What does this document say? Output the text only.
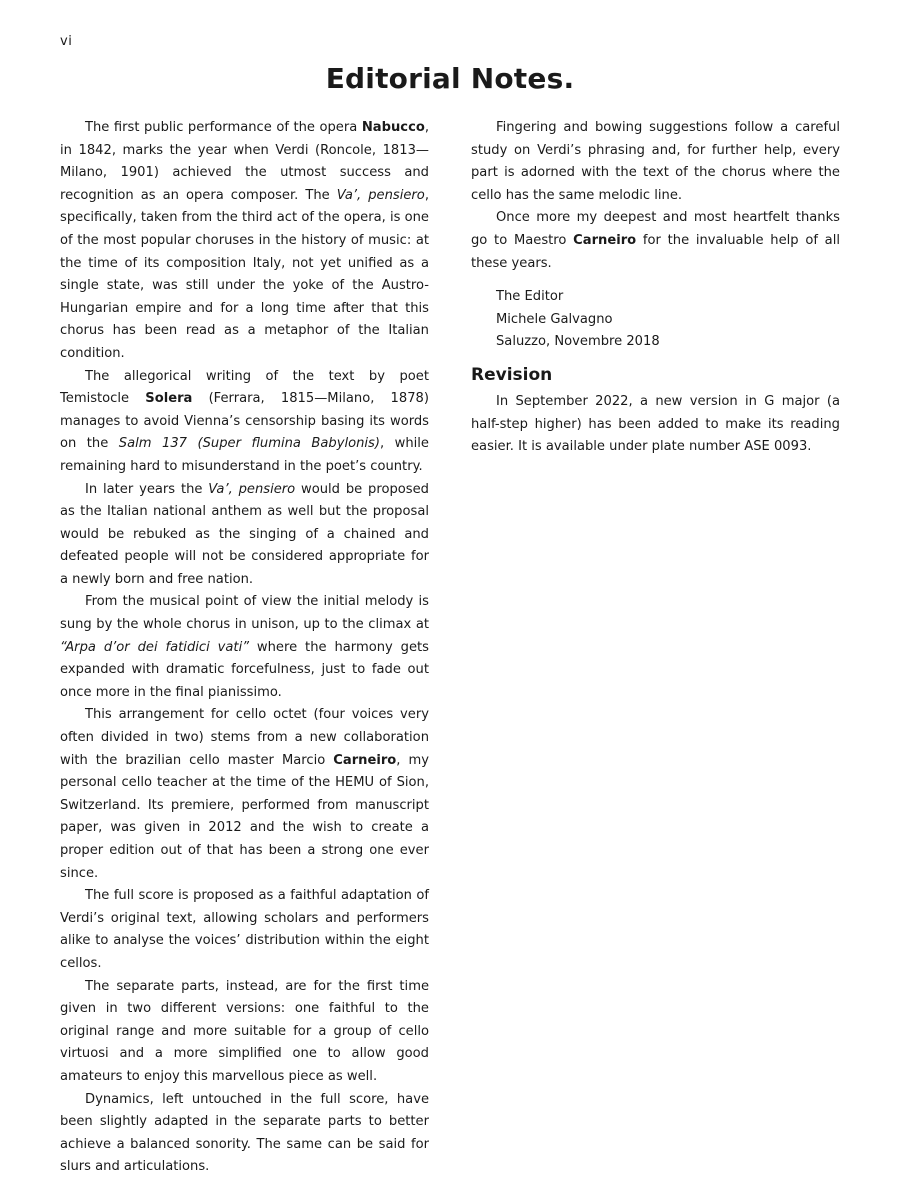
vi
Editorial Notes.

The first public performance of the opera Nabucco, in 1842, marks the year when Verdi (Roncole, 1813—Milano, 1901) achieved the utmost success and recognition as an opera composer. The Va’, pensiero, specifically, taken from the third act of the opera, is one of the most popular choruses in the history of music: at the time of its composition Italy, not yet unified as a single state, was still under the yoke of the Austro-Hungarian empire and for a long time after that this chorus has been read as a metaphor of the Italian condition.

The allegorical writing of the text by poet Temistocle Solera (Ferrara, 1815—Milano, 1878) manages to avoid Vienna’s censorship basing its words on the Salm 137 (Super flumina Babylonis), while remaining hard to misunderstand in the poet’s country.

In later years the Va’, pensiero would be proposed as the Italian national anthem as well but the proposal would be rebuked as the singing of a chained and defeated people will not be considered appropriate for a newly born and free nation.

From the musical point of view the initial melody is sung by the whole chorus in unison, up to the climax at “Arpa d’or dei fatidici vati” where the harmony gets expanded with dramatic forcefulness, just to fade out once more in the final pianissimo.

This arrangement for cello octet (four voices very often divided in two) stems from a new collaboration with the brazilian cello master Marcio Carneiro, my personal cello teacher at the time of the HEMU of Sion, Switzerland. Its premiere, performed from manuscript paper, was given in 2012 and the wish to create a proper edition out of that has been a strong one ever since.

The full score is proposed as a faithful adaptation of Verdi’s original text, allowing scholars and performers alike to analyse the voices’ distribution within the eight cellos.

The separate parts, instead, are for the first time given in two different versions: one faithful to the original range and more suitable for a group of cello virtuosi and a more simplified one to allow good amateurs to enjoy this marvellous piece as well.

Dynamics, left untouched in the full score, have been slightly adapted in the separate parts to better achieve a balanced sonority. The same can be said for slurs and articulations.

Fingering and bowing suggestions follow a careful study on Verdi’s phrasing and, for further help, every part is adorned with the text of the chorus where the cello has the same melodic line.

Once more my deepest and most heartfelt thanks go to Maestro Carneiro for the invaluable help of all these years.

The Editor
Michele Galvagno
Saluzzo, Novembre 2018
Revision

In September 2022, a new version in G major (a half-step higher) has been added to make its reading easier. It is available under plate number ASE 0093.
